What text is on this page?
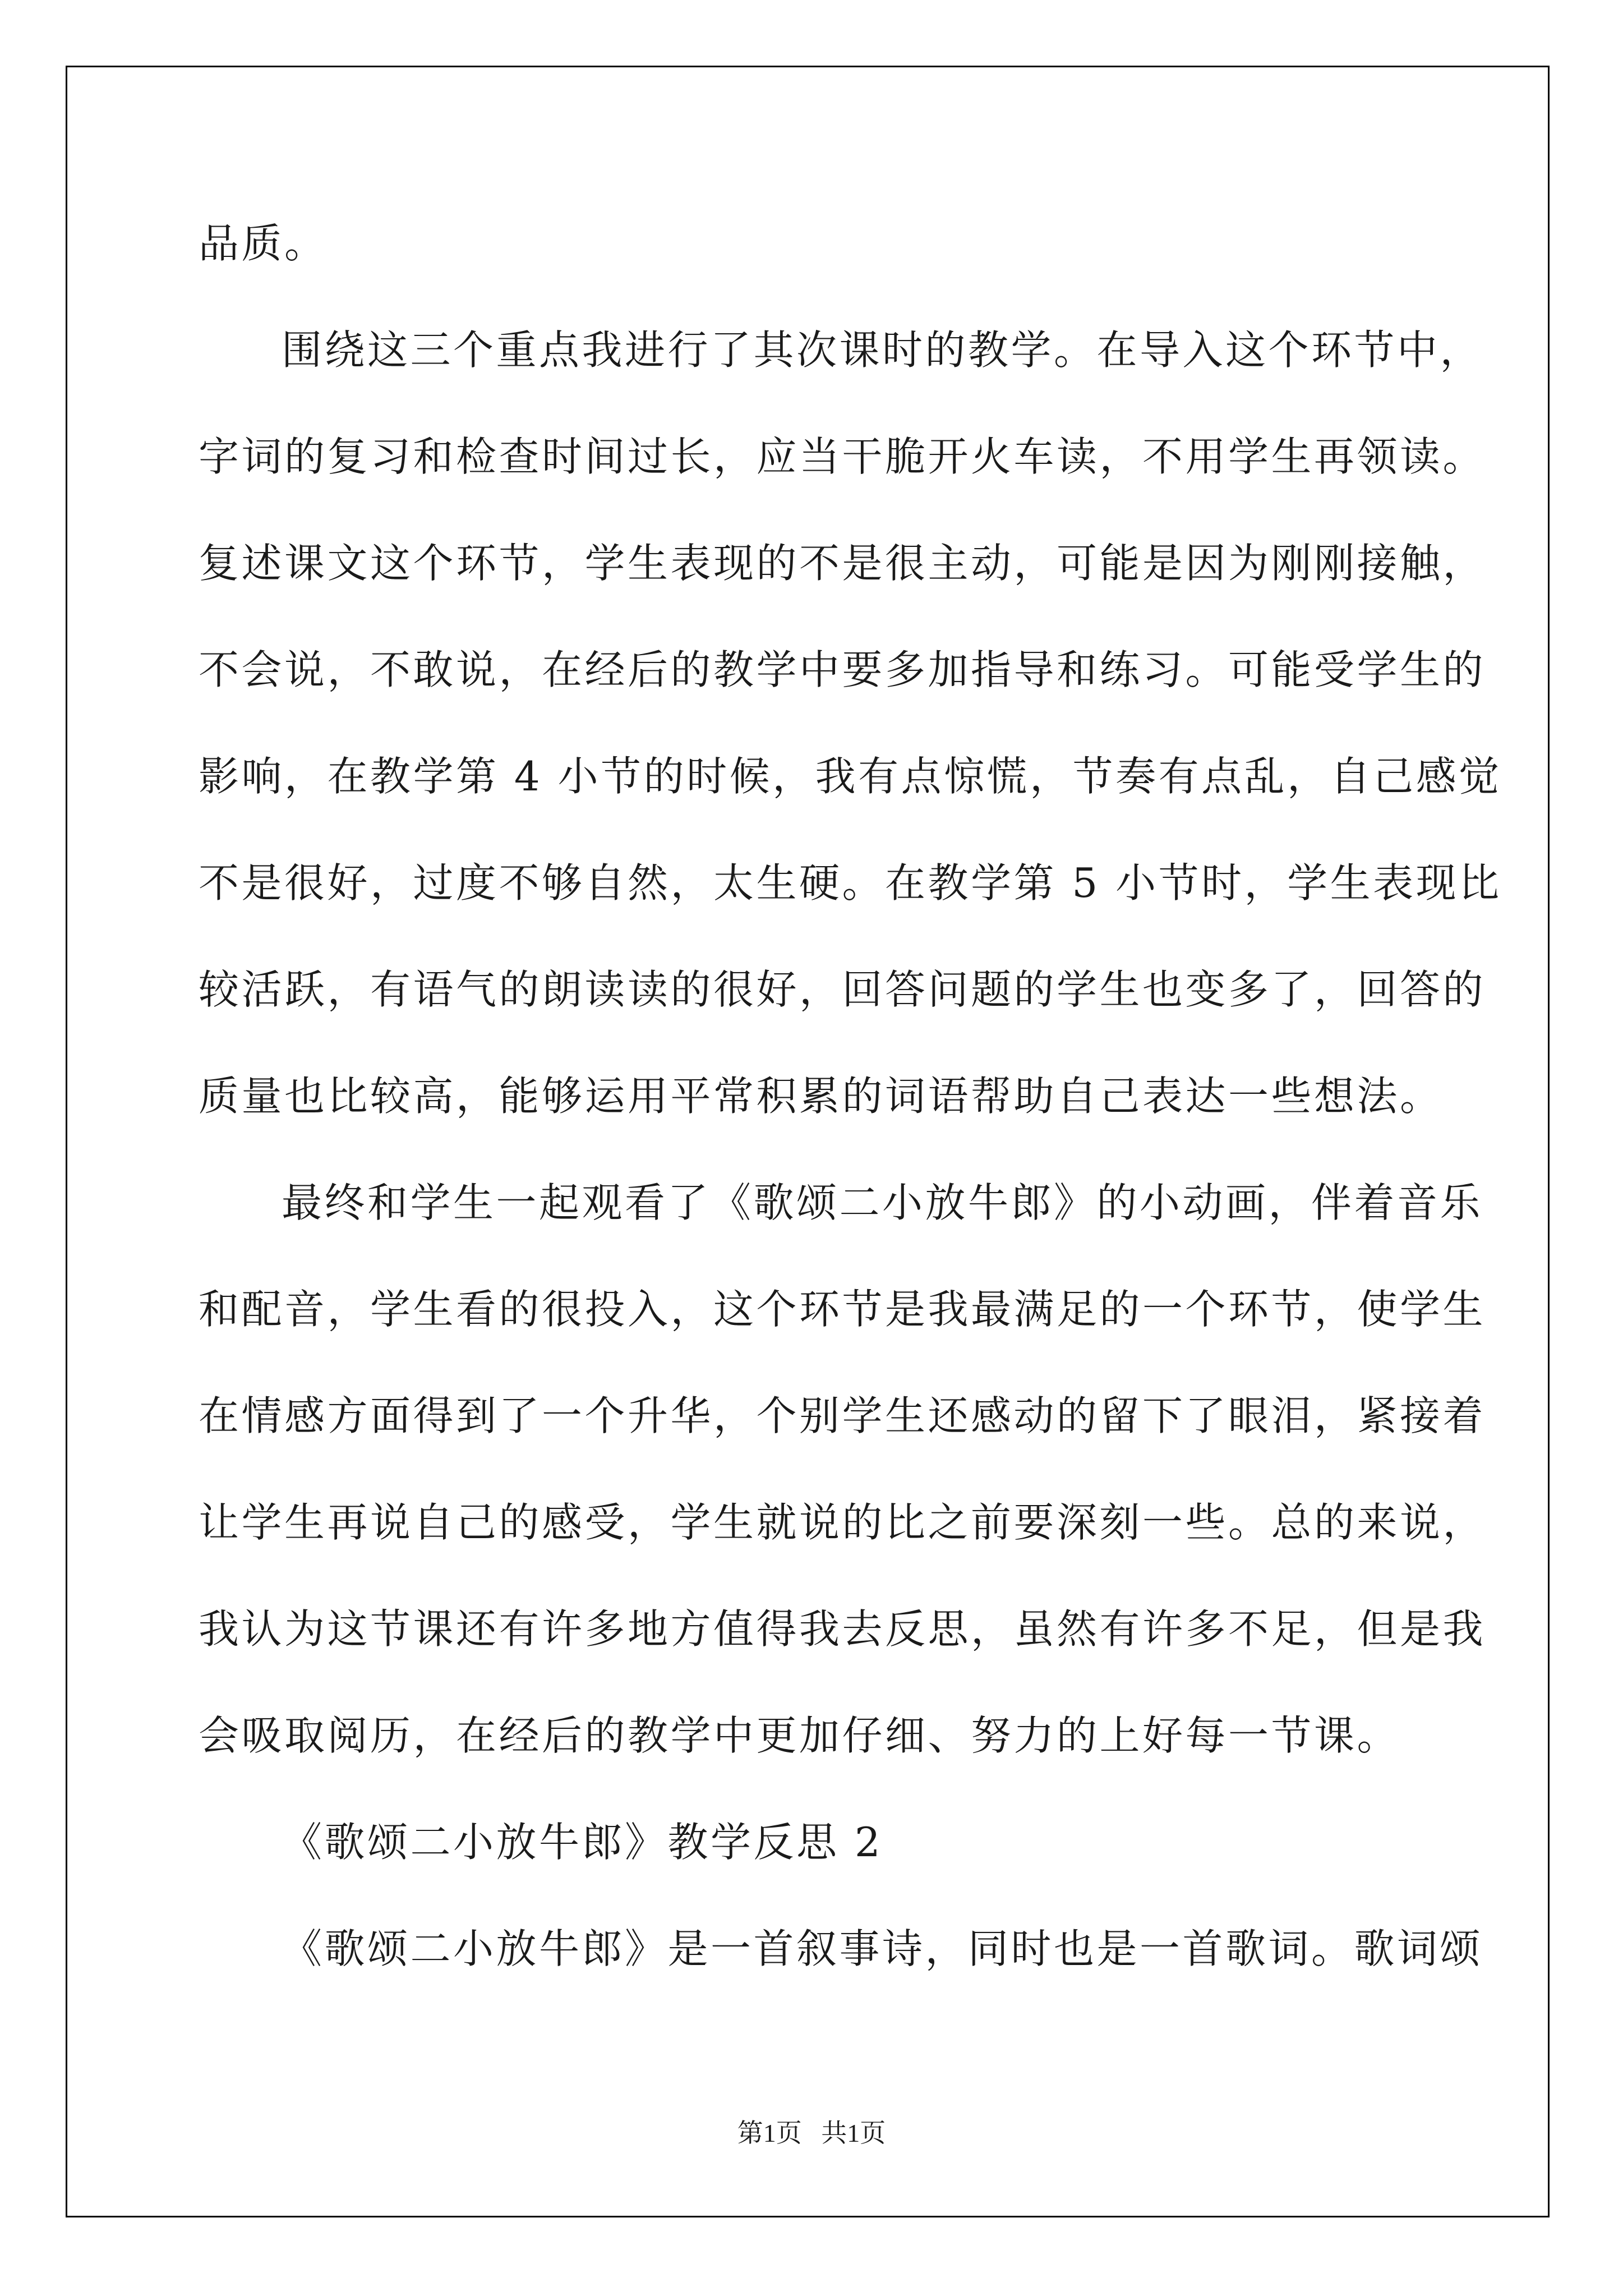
品质。
围绕这三个重点我进行了其次课时的教学。在导入这个环节中，
字词的复习和检查时间过长，应当干脆开火车读，不用学生再领读。
复述课文这个环节，学生表现的不是很主动，可能是因为刚刚接触，
不会说，不敢说，在经后的教学中要多加指导和练习。可能受学生的
影响，在教学第 4 小节的时候，我有点惊慌，节奏有点乱，自己感觉
不是很好，过度不够自然，太生硬。在教学第 5 小节时，学生表现比
较活跃，有语气的朗读读的很好，回答问题的学生也变多了，回答的
质量也比较高，能够运用平常积累的词语帮助自己表达一些想法。
最终和学生一起观看了《歌颂二小放牛郎》的小动画，伴着音乐
和配音，学生看的很投入，这个环节是我最满足的一个环节，使学生
在情感方面得到了一个升华，个别学生还感动的留下了眼泪，紧接着
让学生再说自己的感受，学生就说的比之前要深刻一些。总的来说，
我认为这节课还有许多地方值得我去反思，虽然有许多不足，但是我
会吸取阅历，在经后的教学中更加仔细、努力的上好每一节课。
《歌颂二小放牛郎》教学反思 2
《歌颂二小放牛郎》是一首叙事诗，同时也是一首歌词。歌词颂
第1页   共1页
